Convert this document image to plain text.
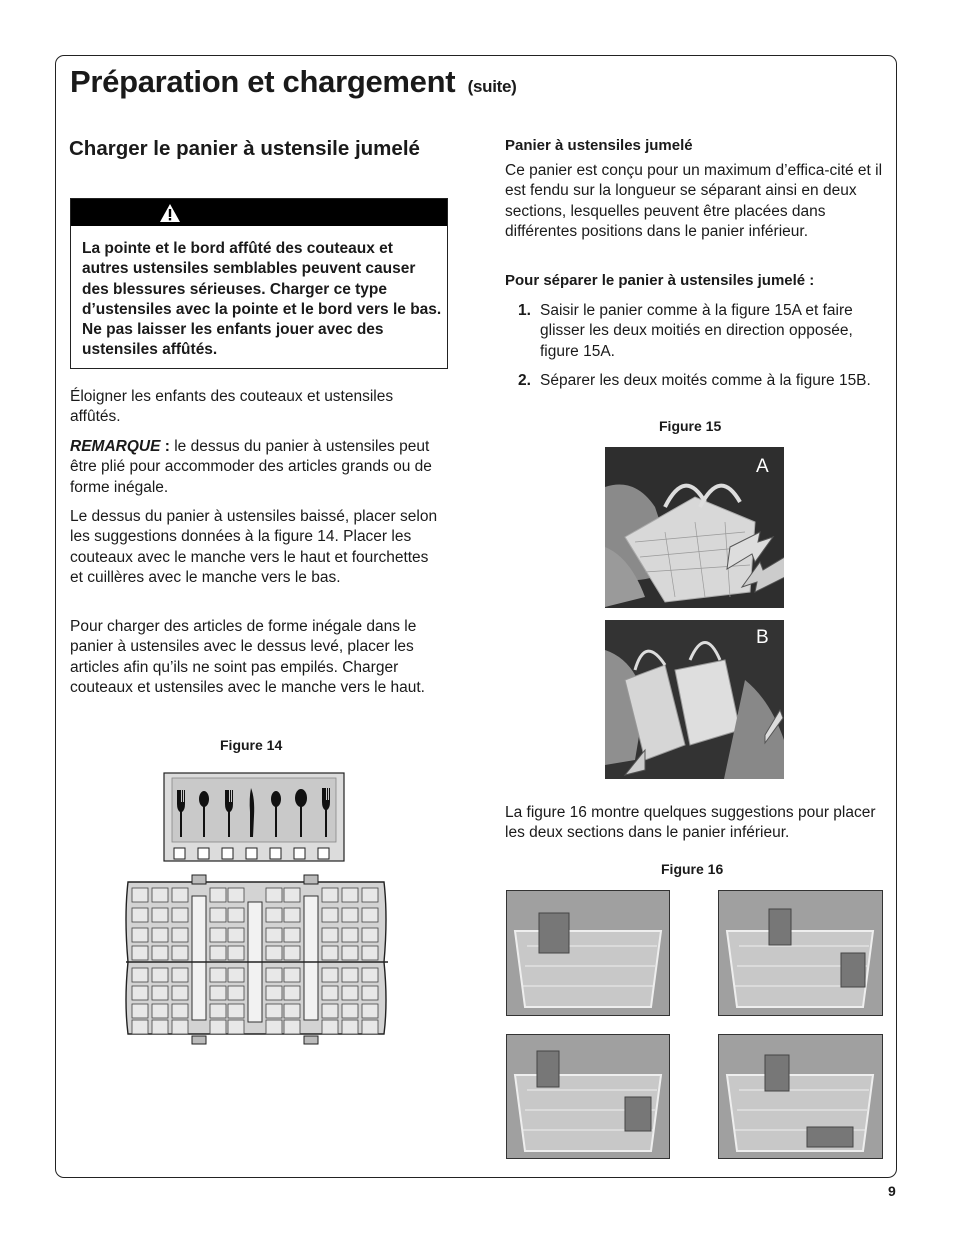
Préparation et chargement (suite)
Charger le panier à ustensile jumelé
La pointe et le bord affûté des couteaux et autres ustensiles semblables peuvent causer des blessures sérieuses. Charger ce type d’ustensiles avec la pointe et le bord vers le bas. Ne pas laisser les enfants jouer avec des ustensiles affûtés.

Éloigner les enfants des couteaux et ustensiles affûtés.

REMARQUE : le dessus du panier à ustensiles peut être plié pour accommoder des articles grands ou de forme inégale.

Le dessus du panier à ustensiles baissé, placer selon les suggestions données à la figure 14. Placer les couteaux avec le manche vers le haut et fourchettes et cuillères avec le manche vers le bas.

Pour charger des articles de forme inégale dans le panier à ustensiles avec le dessus levé, placer les articles afin qu’ils ne soint pas empilés. Charger couteaux et ustensiles avec le manche vers le haut.

Figure 14
Panier à ustensiles jumelé

Ce panier est conçu pour un maximum d’effica-cité et il est fendu sur la longueur se séparant ainsi en deux sections, lesquelles peuvent être placées dans différentes positions dans le panier inférieur.

Pour séparer le panier à ustensiles jumelé :
1. Saisir le panier comme à la figure 15A et faire glisser les deux moitiés en direction opposée, figure 15A.
2. Séparer les deux moités comme à la figure 15B.
Figure 15
A
B

La figure 16 montre quelques suggestions pour placer les deux sections dans le panier inférieur.

Figure 16
9
